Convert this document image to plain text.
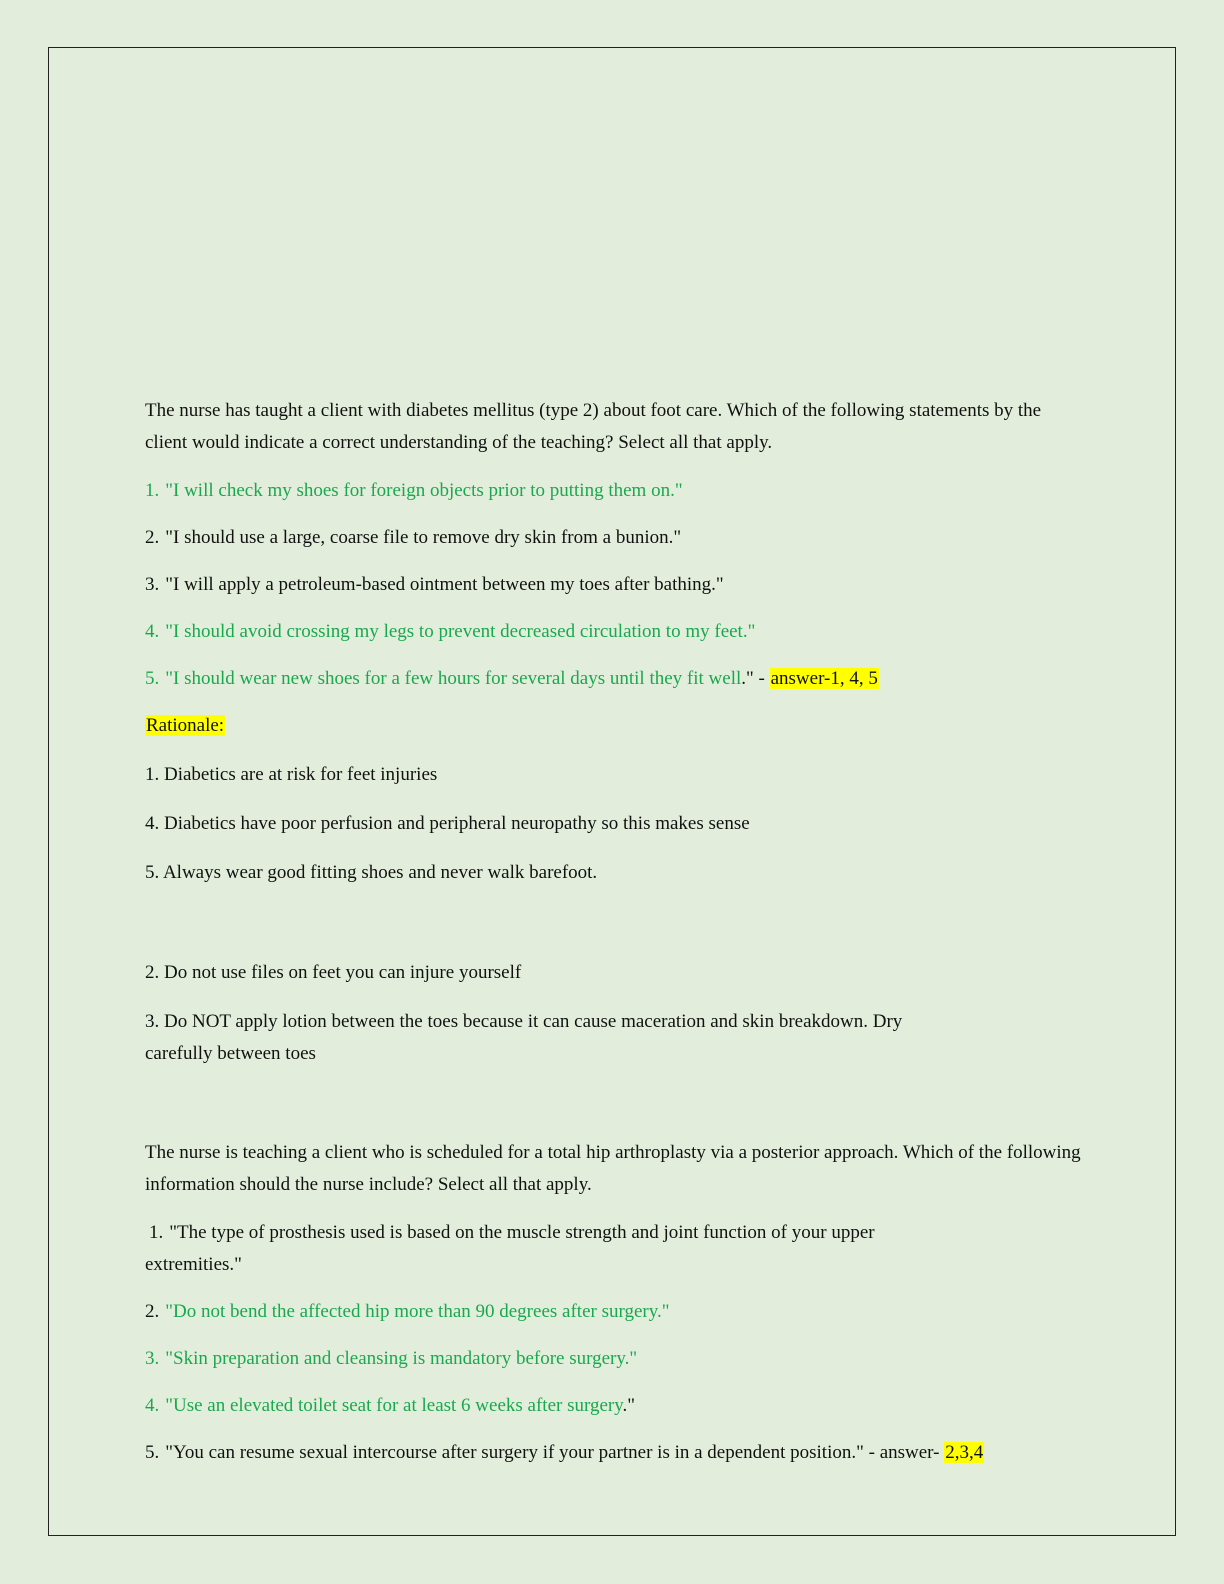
The nurse has taught a client with diabetes mellitus (type 2) about foot care. Which of the following statements by the client would indicate a correct understanding of the teaching? Select all that apply.

1. "I will check my shoes for foreign objects prior to putting them on."

2. "I should use a large, coarse file to remove dry skin from a bunion."

3. "I will apply a petroleum-based ointment between my toes after bathing."

4. "I should avoid crossing my legs to prevent decreased circulation to my feet."

5. "I should wear new shoes for a few hours for several days until they fit well." - answer-1, 4, 5

Rationale:

1. Diabetics are at risk for feet injuries

4. Diabetics have poor perfusion and peripheral neuropathy so this makes sense

5. Always wear good fitting shoes and never walk barefoot.

2. Do not use files on feet you can injure yourself

3. Do NOT apply lotion between the toes because it can cause maceration and skin breakdown. Dry carefully between toes

The nurse is teaching a client who is scheduled for a total hip arthroplasty via a posterior approach. Which of the following information should the nurse include? Select all that apply.

1. "The type of prosthesis used is based on the muscle strength and joint function of your upper extremities."

2. "Do not bend the affected hip more than 90 degrees after surgery."

3. "Skin preparation and cleansing is mandatory before surgery."

4. "Use an elevated toilet seat for at least 6 weeks after surgery."

5. "You can resume sexual intercourse after surgery if your partner is in a dependent position." - answer- 2,3,4
